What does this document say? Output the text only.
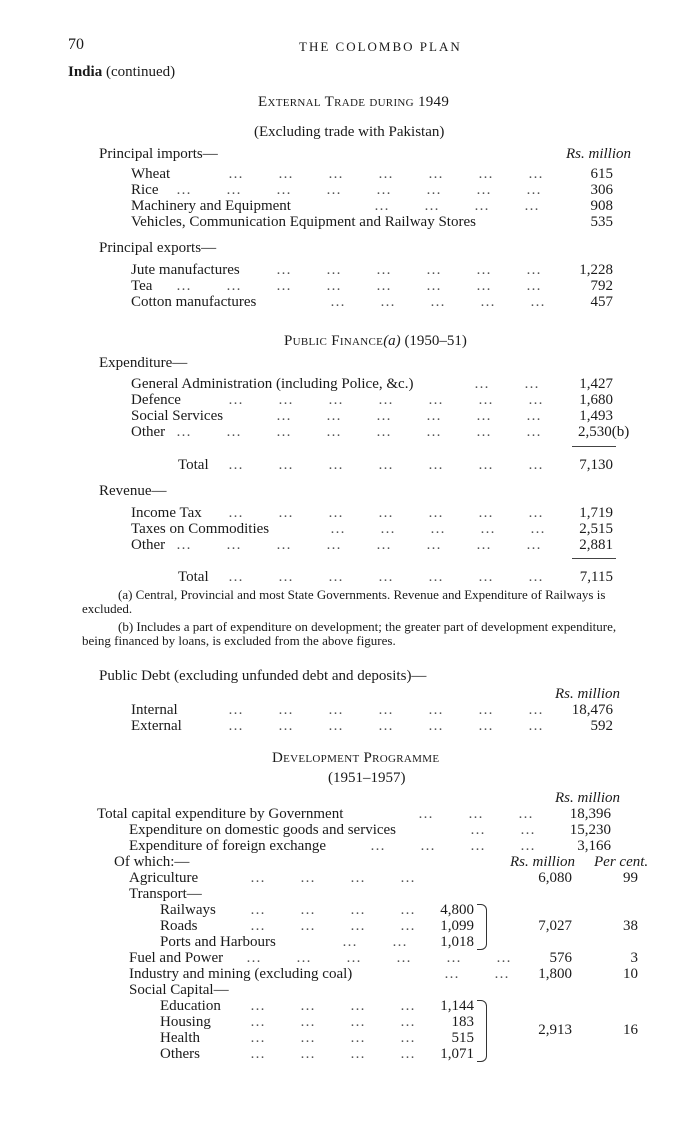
70	THE COLOMBO PLAN
India (continued)
External Trade during 1949
(Excluding trade with Pakistan)
Principal imports—	Rs. million
Wheat	…    …    …    …    …    …    …	615
Rice …    …    …    …    …    …    …    …	306
Machinery and Equipment	…    …    …    …	908
Vehicles, Communication Equipment and Railway Stores	535
Principal exports—
Jute manufactures …    …    …    …    …    …	1,228
Tea …    …    …    …    …    …    …    …	792
Cotton manufactures	…    …    …    …    …	457
Public Finance(a) (1950–51)
Expenditure—
General Administration (including Police, &c.)	…    …	1,427
Defence	…    …    …    …    …    …    …	1,680
Social Services	…    …    …    …    …    …	1,493
Other …    …    …    …    …    …    …    … 2,530(b)
Total …    …    …    …    …    …    …	7,130
Revenue—
Income Tax …    …    …    …    …    …    …	1,719
Taxes on Commodities	…    …    …    …    …	2,515
Other …    …    …    …    …    …    …    …	2,881
Total …    …    …    …    …    …    …	7,115
(a) Central, Provincial and most State Governments. Revenue and Expenditure of Railways is excluded.
(b) Includes a part of expenditure on development; the greater part of development expenditure, being financed by loans, is excluded from the above figures.
Public Debt (excluding unfunded debt and deposits)—
Rs. million
Internal	…    …    …    …    …    …    …	18,476
External	…    …    …    …    …    …    …	592
Development Programme
(1951–1957)
Rs. million
Total capital expenditure by Government	…    …    …	18,396
Expenditure on domestic goods and services	…    …	15,230
Expenditure of foreign exchange	…    …    …    …	3,166
Of which:—	Rs. million Per cent.
Agriculture	…    …    …    …	6,080	99
Transport—
Railways …    …    …    …	4,800
Roads	…    …    …    …	1,099
Ports and Harbours	…    …	1,018
7,027	38
Fuel and Power …    …    …    …    …    …	576	3
Industry and mining (excluding coal)	…    …	1,800	10
Social Capital—
Education …    …    …    …	1,144
Housing	…    …    …    …	183
Health	…    …    …    …	515
Others	…    …    …    …	1,071
2,913	16
